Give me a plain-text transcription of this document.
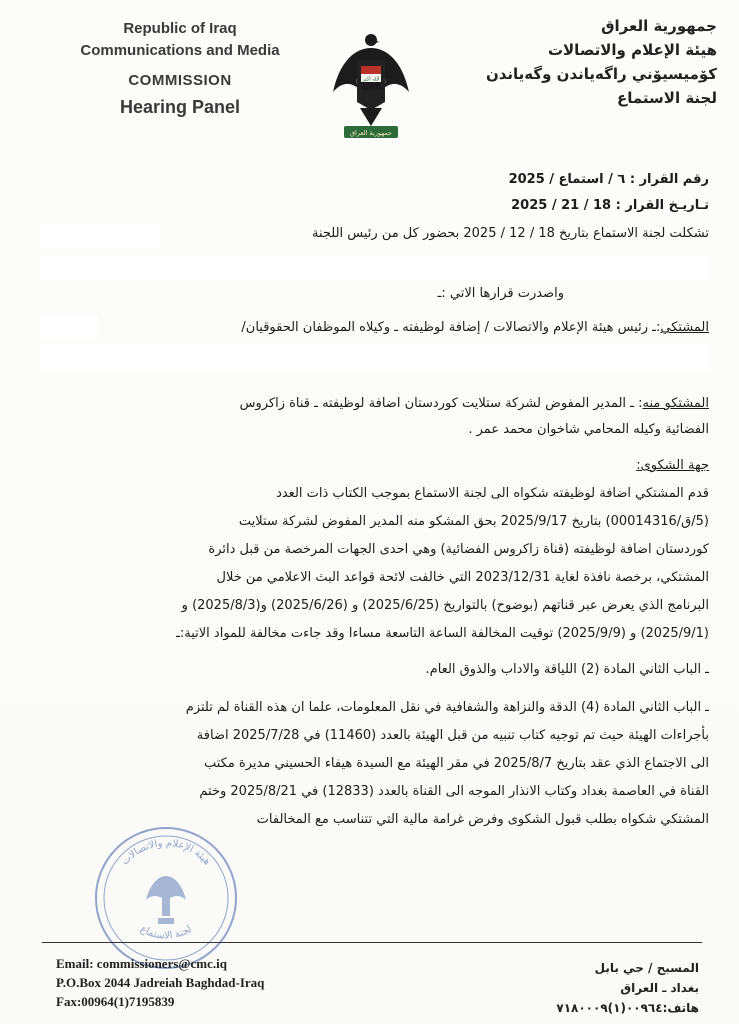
Republic of Iraq
Communications and Media
COMMISSION
Hearing Panel
الله أكبر
جمهورية العراق
جمهورية العراق
هيئة الإعلام والاتصالات
كۆميسيۆني راگەياندن وگەياندن
لجنة الاستماع
رقم القرار : ٦ / استماع / 2025
تـاريـخ القرار : 18 / 21 / 2025
تشكلت لجنة الاستماع بتاريخ 18 / 12 / 2025 بحضور كل من رئيس اللجنة
واصدرت قرارها الاتي :ـ
المشتكي:ـ رئيس هيئة الإعلام والاتصالات / إضافة لوظيفته ـ وكيلاه الموظفان الحقوقيان/
المشتكو منه: ـ المدير المفوض لشركة ستلايت كوردستان اضافة لوظيفته ـ قناة زاكروس
الفضائية وكيله المحامي شاخوان محمد عمر .
جهة الشكوى:
قدم المشتكي اضافة لوظيفته شكواه الى لجنة الاستماع بموجب الكتاب ذات العدد
(5/ق/00014316) بتاريخ 2025/9/17 بحق المشكو منه المدير المفوض لشركة ستلايت
كوردستان اضافة لوظيفته (قناة زاكروس الفضائية) وهي احدى الجهات المرخصة من قبل دائرة
المشتكي، برخصة نافذة لغاية 2023/12/31 التي خالفت لائحة قواعد البث الاعلامي من خلال
البرنامج الذي يعرض عبر قناتهم (بوضوح) بالتواريخ (2025/6/25) و (2025/6/26) و(2025/8/3) و
(2025/9/1) و (2025/9/9) توقيت المخالفة الساعة التاسعة مساءا وقد جاءت مخالفة للمواد الاتية:ـ
ـ الباب الثاني المادة (2) اللياقة والاداب والذوق العام.
ـ الباب الثاني المادة (4) الدقة والنزاهة والشفافية في نقل المعلومات، علما ان هذه القناة لم تلتزم
بأجراءات الهيئة حيث تم توجيه كتاب تنبيه من قبل الهيئة بالعدد (11460) في 2025/7/28 اضافة
الى الاجتماع الذي عقد بتاريخ 2025/8/7 في مقر الهيئة مع السيدة هيفاء الحسيني مديرة مكتب
القناة في العاصمة بغداد وكتاب الانذار الموجه الى القناة بالعدد (12833) في 2025/8/21 وختم
المشتكي شكواه بطلب قبول الشكوى وفرض غرامة مالية التي تتناسب مع المخالفات
هيئة الإعلام والاتصالات
لجنة الاستماع
Email: commissioners@cmc.iq
P.O.Box 2044 Jadreiah Baghdad-Iraq
Fax:00964(1)7195839
المسبح / حي بابل
بغداد ـ العراق
هاتف:٠٠٩٦٤(١)٧١٨٠٠٠٩
